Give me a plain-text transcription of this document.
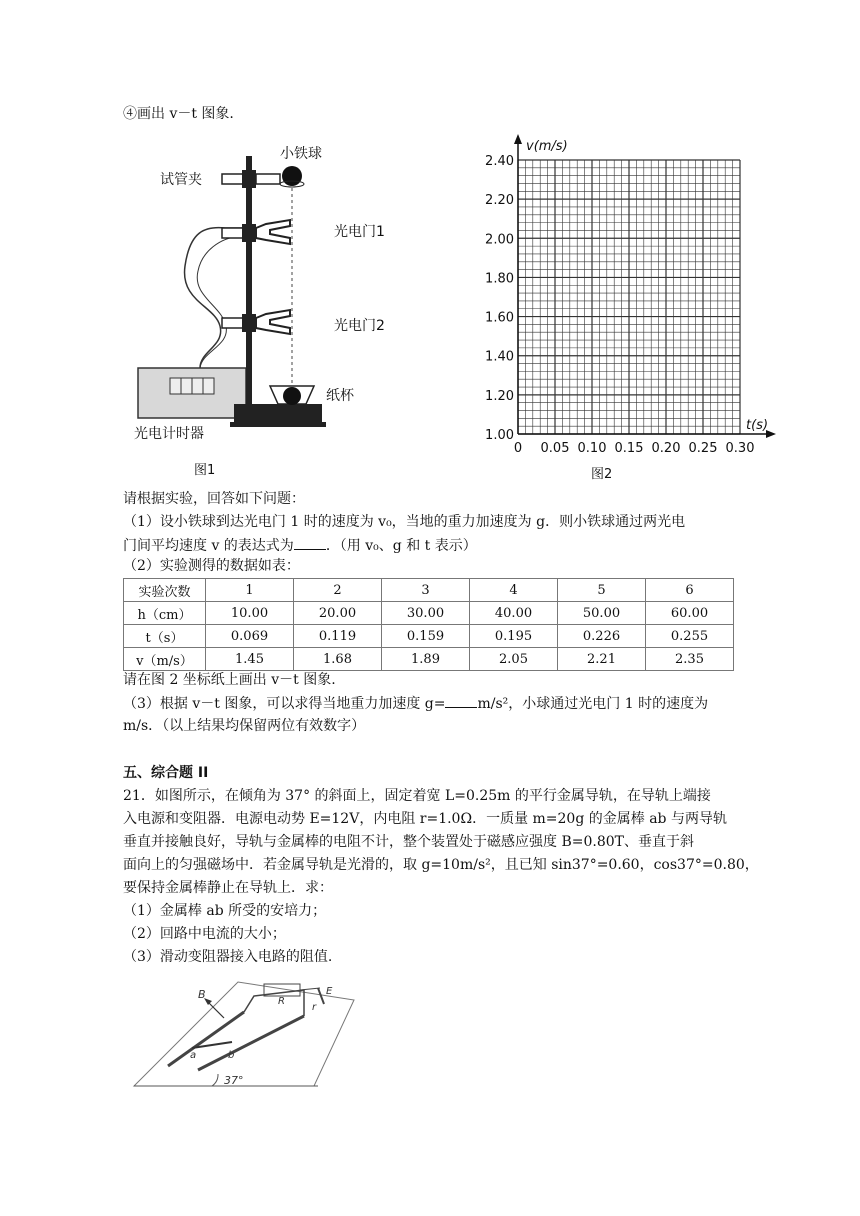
④画出 v－t 图象.
小铁球
试管夹
光电门1
光电门2
纸杯
光电计时器
图1
v(m/s)
t(s)
2.40
2.20
2.00
1.80
1.60
1.40
1.20
1.00
0 0.05 0.10 0.15 0.20 0.25 0.30
图2
请根据实验，回答如下问题：
（1）设小铁球到达光电门 1 时的速度为 v₀，当地的重力加速度为 g．则小铁球通过两光电
门间平均速度 v 的表达式为 ．（用 v₀、g 和 t 表示）
（2）实验测得的数据如表：
实验次数	1	2	3	4	5	6
h（cm）	10.00	20.00	30.00	40.00	50.00	60.00
t（s）	0.069	0.119	0.159	0.195	0.226	0.255
v（m/s）	1.45	1.68	1.89	2.05	2.21	2.35
请在图 2 坐标纸上画出 v－t 图象.
（3）根据 v－t 图象，可以求得当地重力加速度 g= m/s²，小球通过光电门 1 时的速度为
m/s．（以上结果均保留两位有效数字）
五、综合题 II
21．如图所示，在倾角为 37° 的斜面上，固定着宽 L=0.25m 的平行金属导轨，在导轨上端接
入电源和变阻器．电源电动势 E=12V，内电阻 r=1.0Ω．一质量 m=20g 的金属棒 ab 与两导轨
垂直并接触良好，导轨与金属棒的电阻不计，整个装置处于磁感应强度 B=0.80T、垂直于斜
面向上的匀强磁场中．若金属导轨是光滑的，取 g=10m/s²，且已知 sin37°=0.60，cos37°=0.80，
要保持金属棒静止在导轨上．求：
（1）金属棒 ab 所受的安培力；
（2）回路中电流的大小；
（3）滑动变阻器接入电路的阻值.
37°
B
R
E
r
a	b
